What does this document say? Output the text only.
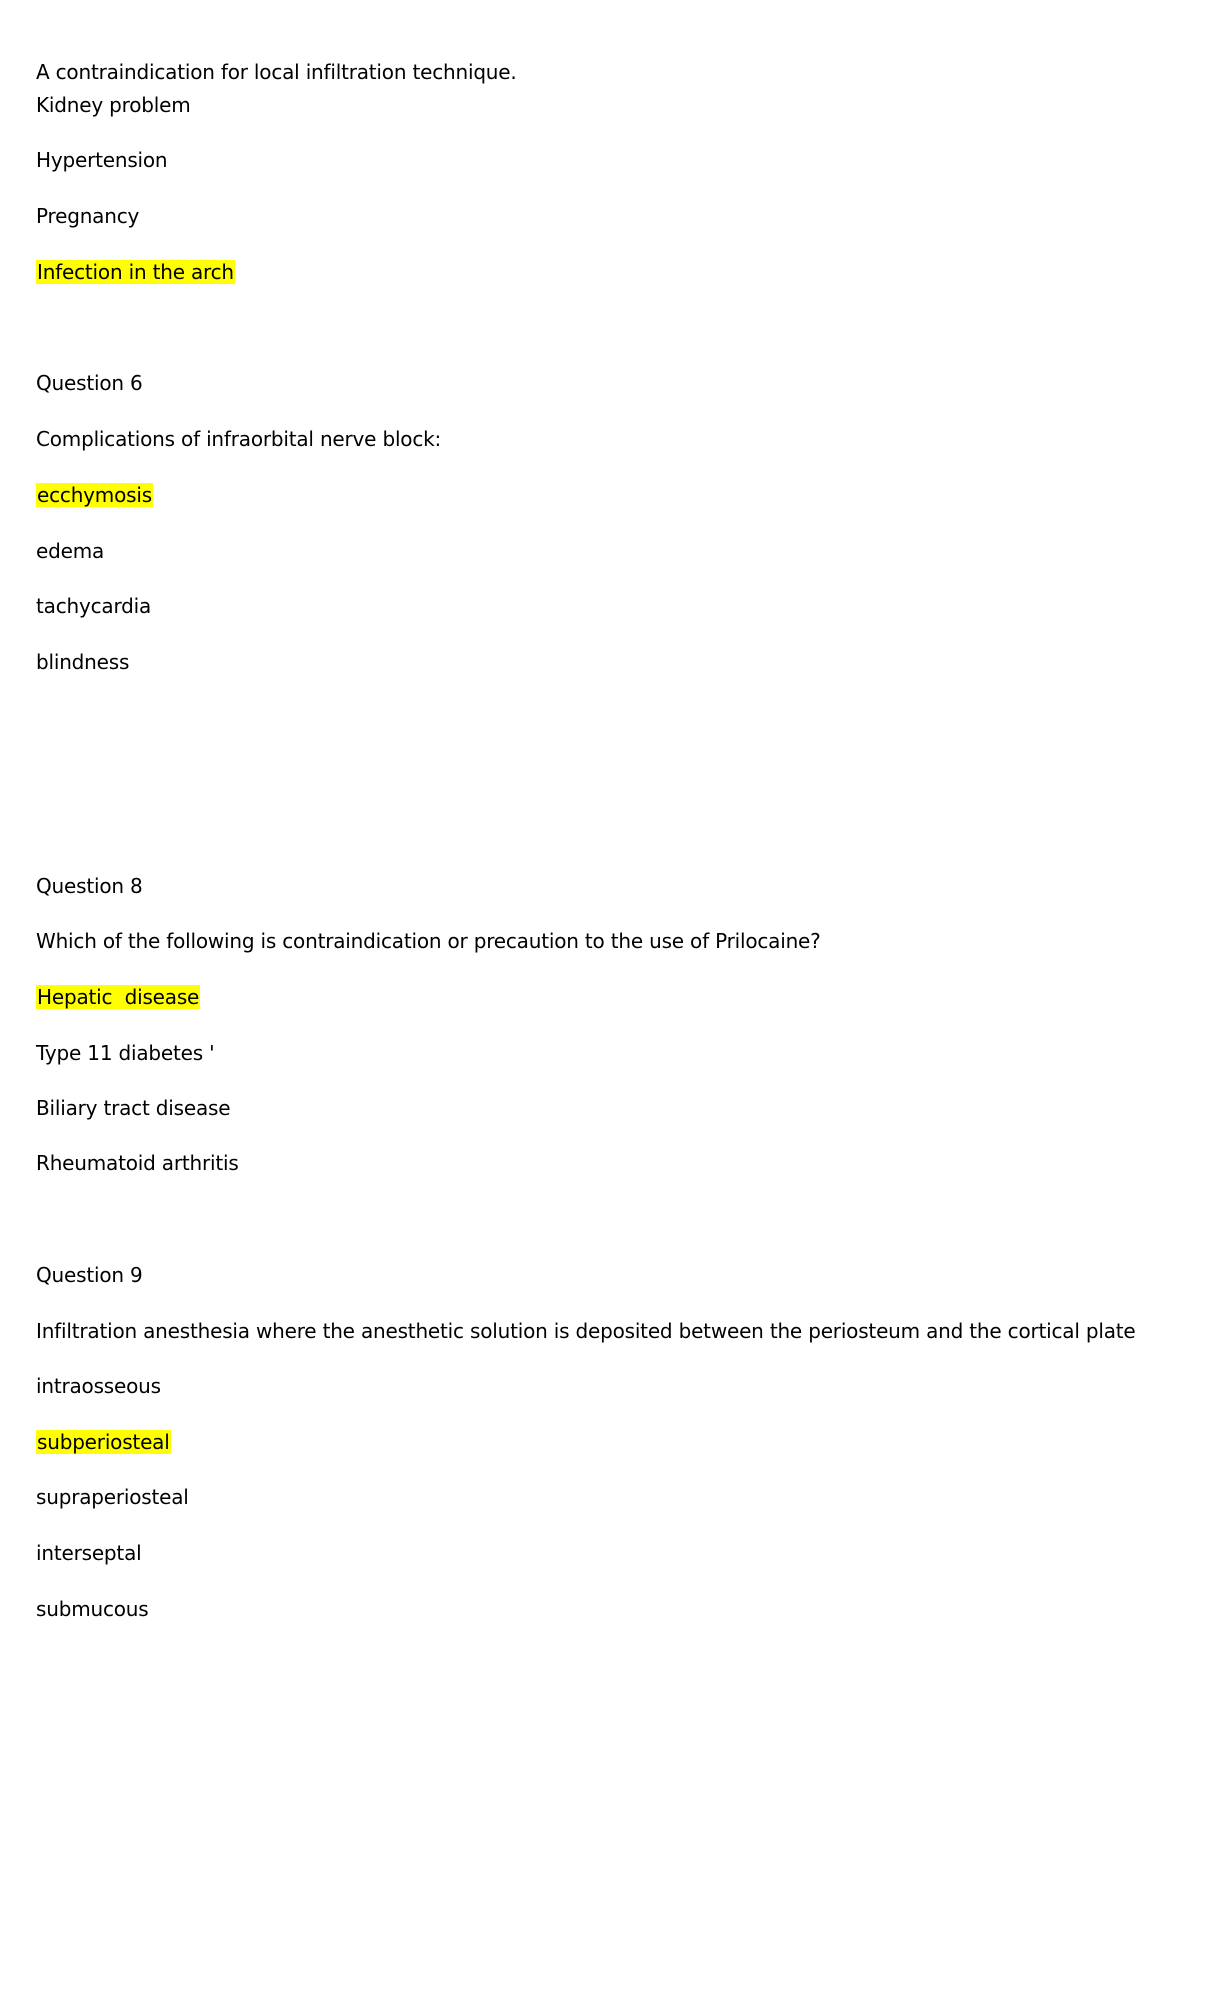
A contraindication for local infiltration technique.

Kidney problem

Hypertension

Pregnancy

Infection in the arch

Question 6

Complications of infraorbital nerve block:

ecchymosis

edema

tachycardia

blindness

Question 8

Which of the following is contraindication or precaution to the use of Prilocaine?

Hepatic  disease

Type 11 diabetes '

Biliary tract disease

Rheumatoid arthritis

Question 9

Infiltration anesthesia where the anesthetic solution is deposited between the periosteum and the cortical plate

intraosseous

subperiosteal

supraperiosteal

interseptal

submucous
